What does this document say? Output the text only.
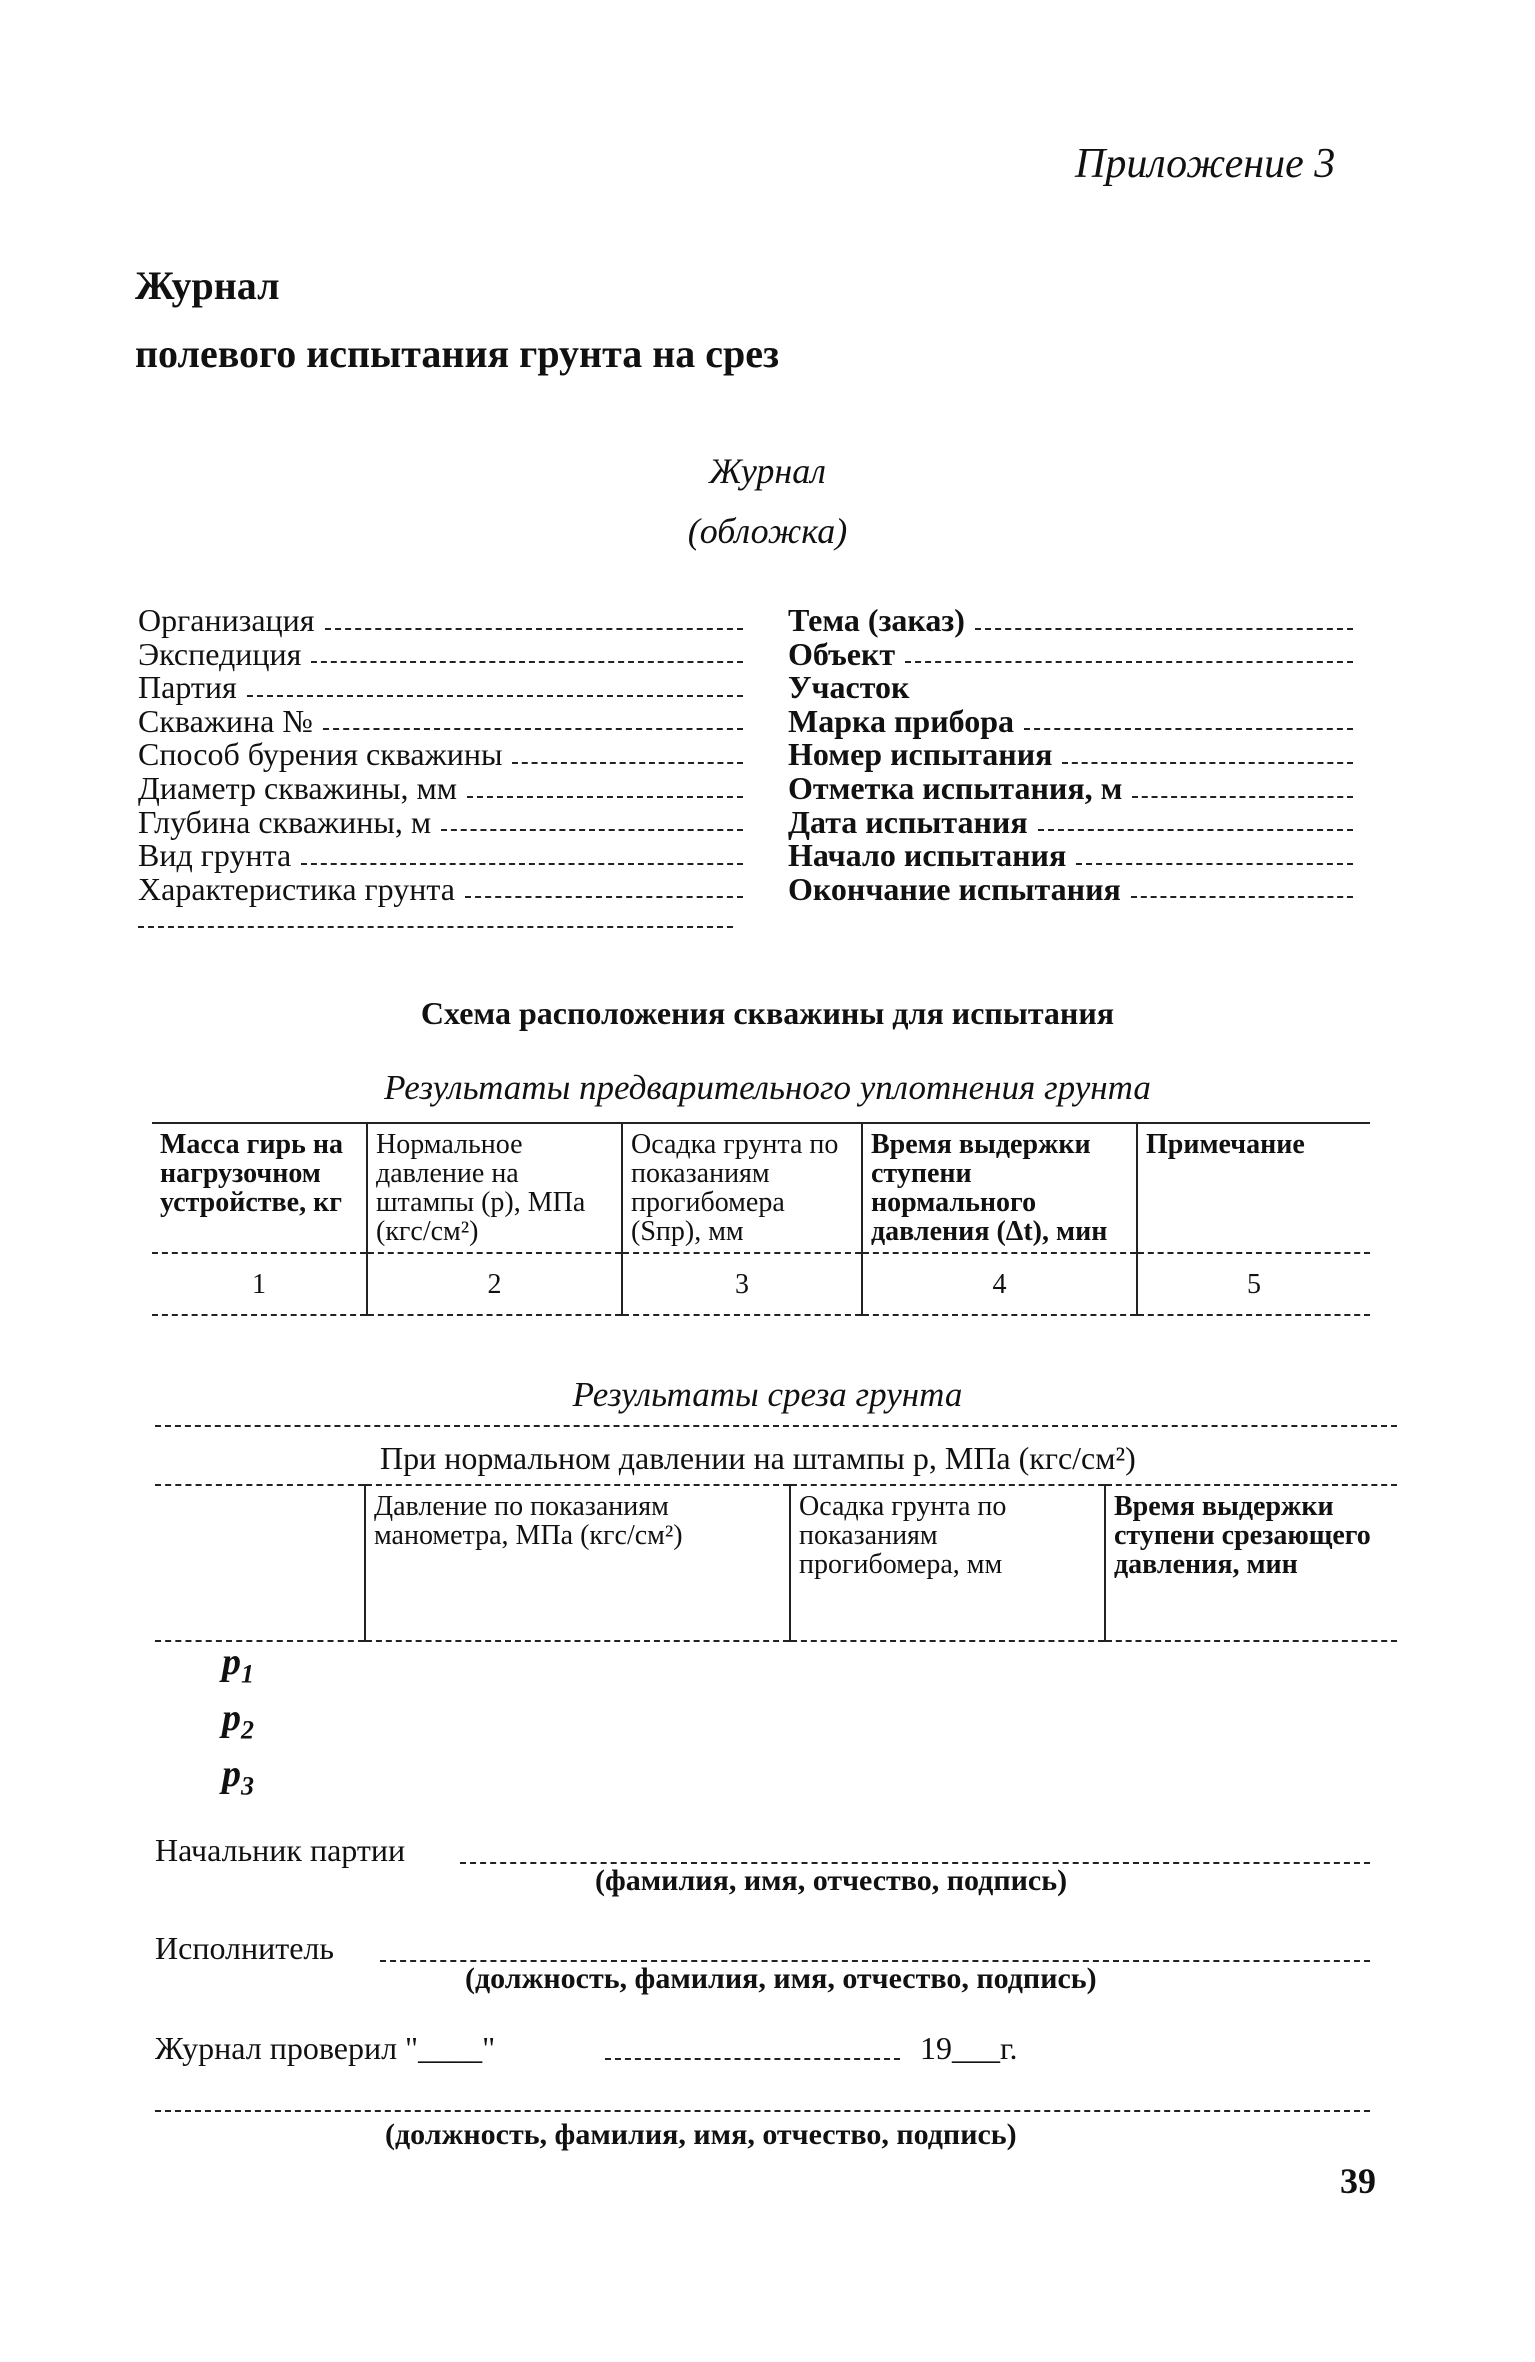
Приложение 3
Журнал
полевого испытания грунта на срез
Журнал
(обложка)
Организация
Экспедиция
Партия
Скважина №
Способ бурения скважины
Диаметр скважины, мм
Глубина скважины, м
Вид грунта
Характеристика грунта
Тема (заказ)
Объект
Участок
Марка прибора
Номер испытания
Отметка испытания, м
Дата испытания
Начало испытания
Окончание испытания
Схема расположения скважины для испытания
Результаты предварительного уплотнения грунта
Масса гирь на нагрузочном устройстве, кг	Нормальное давление на штампы (p), МПа (кгс/см²)	Осадка грунта по показаниям прогибомера (Sпр), мм	Время выдержки ступени нормального давления (Δt), мин	Примечание
1	2	3	4	5
Результаты среза грунта
При нормальном давлении на штампы p, МПа (кгс/см²)
	Давление по показаниям манометра, МПа (кгс/см²)	Осадка грунта по показаниям прогибомера, мм	Время выдержки ступени срезающего давления, мин
$p_1$
$p_2$
$p_3$
Начальник партии
(фамилия, имя, отчество, подпись)
Исполнитель
(должность, фамилия, имя, отчество, подпись)
Журнал проверил "____"	19___г.
(должность, фамилия, имя, отчество, подпись)
39
